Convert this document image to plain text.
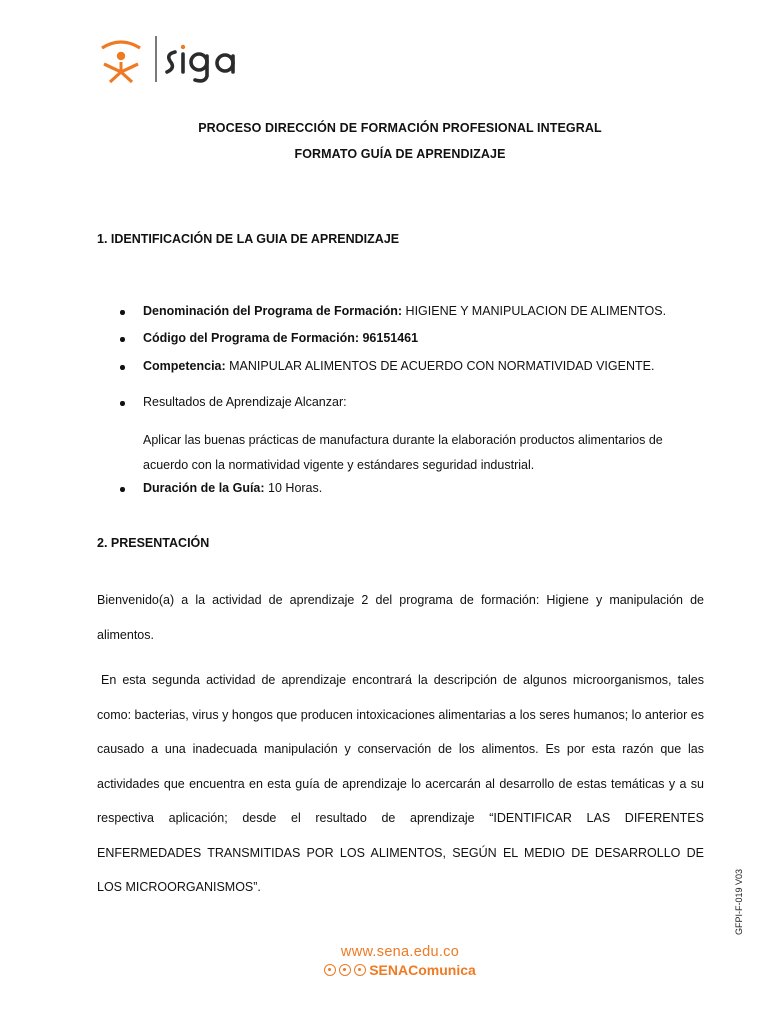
PROCESO DIRECCIÓN DE FORMACIÓN PROFESIONAL INTEGRAL
FORMATO GUÍA DE APRENDIZAJE
1. IDENTIFICACIÓN DE LA GUIA DE APRENDIZAJE
Denominación del Programa de Formación: HIGIENE Y MANIPULACION DE ALIMENTOS.
Código del Programa de Formación: 96151461
Competencia: MANIPULAR ALIMENTOS DE ACUERDO CON NORMATIVIDAD VIGENTE.
Resultados de Aprendizaje Alcanzar:
Duración de la Guía: 10 Horas.
Aplicar las buenas prácticas de manufactura durante la elaboración productos alimentarios de acuerdo con la normatividad vigente y estándares seguridad industrial.
2. PRESENTACIÓN
Bienvenido(a) a la actividad de aprendizaje 2 del programa de formación: Higiene y manipulación de alimentos.
En esta segunda actividad de aprendizaje encontrará la descripción de algunos microorganismos, tales como: bacterias, virus y hongos que producen intoxicaciones alimentarias a los seres humanos; lo anterior es causado a una inadecuada manipulación y conservación de los alimentos. Es por esta razón que las actividades que encuentra en esta guía de aprendizaje lo acercarán al desarrollo de estas temáticas y a su respectiva aplicación; desde el resultado de aprendizaje “IDENTIFICAR LAS DIFERENTES ENFERMEDADES TRANSMITIDAS POR LOS ALIMENTOS, SEGÚN EL MEDIO DE DESARROLLO DE LOS MICROORGANISMOS”.
www.sena.edu.co
SENAComunica
GFPI-F-019 V03
